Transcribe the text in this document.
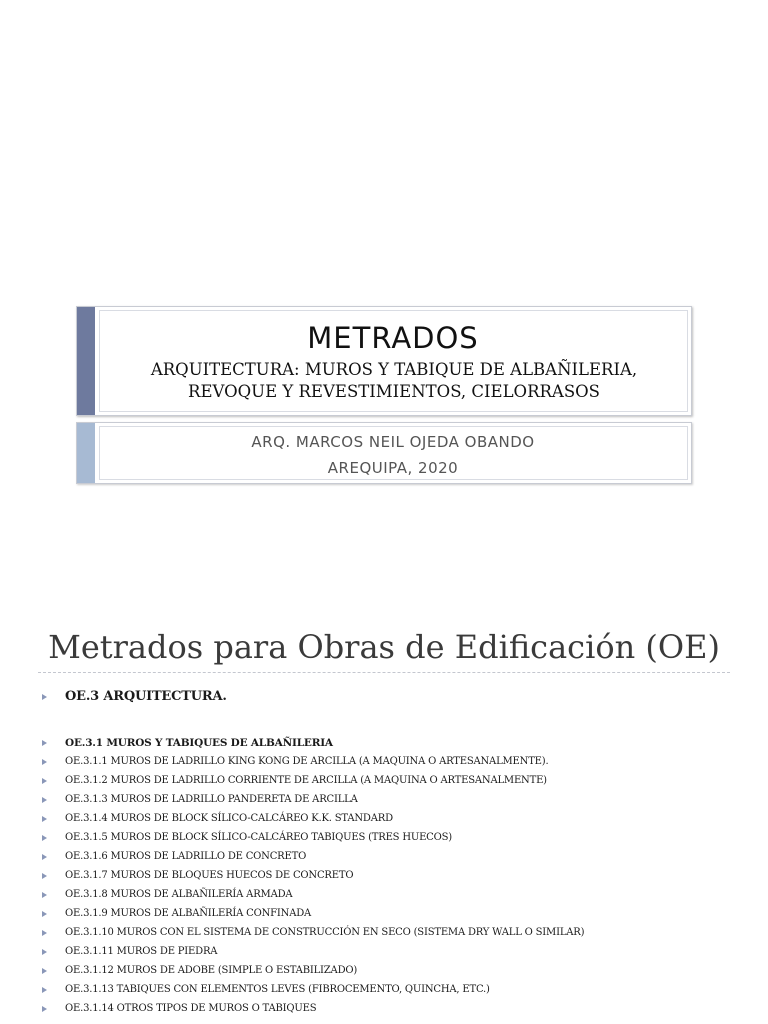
METRADOS
ARQUITECTURA: MUROS Y TABIQUE DE ALBAÑILERIA,
REVOQUE Y REVESTIMIENTOS, CIELORRASOS
ARQ. MARCOS NEIL OJEDA OBANDO
AREQUIPA, 2020
Metrados para Obras de Edificación (OE)
OE.3 ARQUITECTURA.
OE.3.1 MUROS Y TABIQUES DE ALBAÑILERIA
OE.3.1.1 MUROS DE LADRILLO KING KONG DE ARCILLA (A MAQUINA O ARTESANALMENTE).
OE.3.1.2 MUROS DE LADRILLO CORRIENTE DE ARCILLA (A MAQUINA O ARTESANALMENTE)
OE.3.1.3 MUROS DE LADRILLO PANDERETA DE ARCILLA
OE.3.1.4 MUROS DE BLOCK SÍLICO-CALCÁREO K.K. STANDARD
OE.3.1.5 MUROS DE BLOCK SÍLICO-CALCÁREO TABIQUES (TRES HUECOS)
OE.3.1.6 MUROS DE LADRILLO DE CONCRETO
OE.3.1.7 MUROS DE BLOQUES HUECOS DE CONCRETO
OE.3.1.8 MUROS DE ALBAÑILERÍA ARMADA
OE.3.1.9 MUROS DE ALBAÑILERÍA CONFINADA
OE.3.1.10 MUROS CON EL SISTEMA DE CONSTRUCCIÓN EN SECO (SISTEMA DRY WALL O SIMILAR)
OE.3.1.11 MUROS DE PIEDRA
OE.3.1.12 MUROS DE ADOBE (SIMPLE O ESTABILIZADO)
OE.3.1.13 TABIQUES CON ELEMENTOS LEVES (FIBROCEMENTO, QUINCHA, ETC.)
OE.3.1.14 OTROS TIPOS DE MUROS O TABIQUES
